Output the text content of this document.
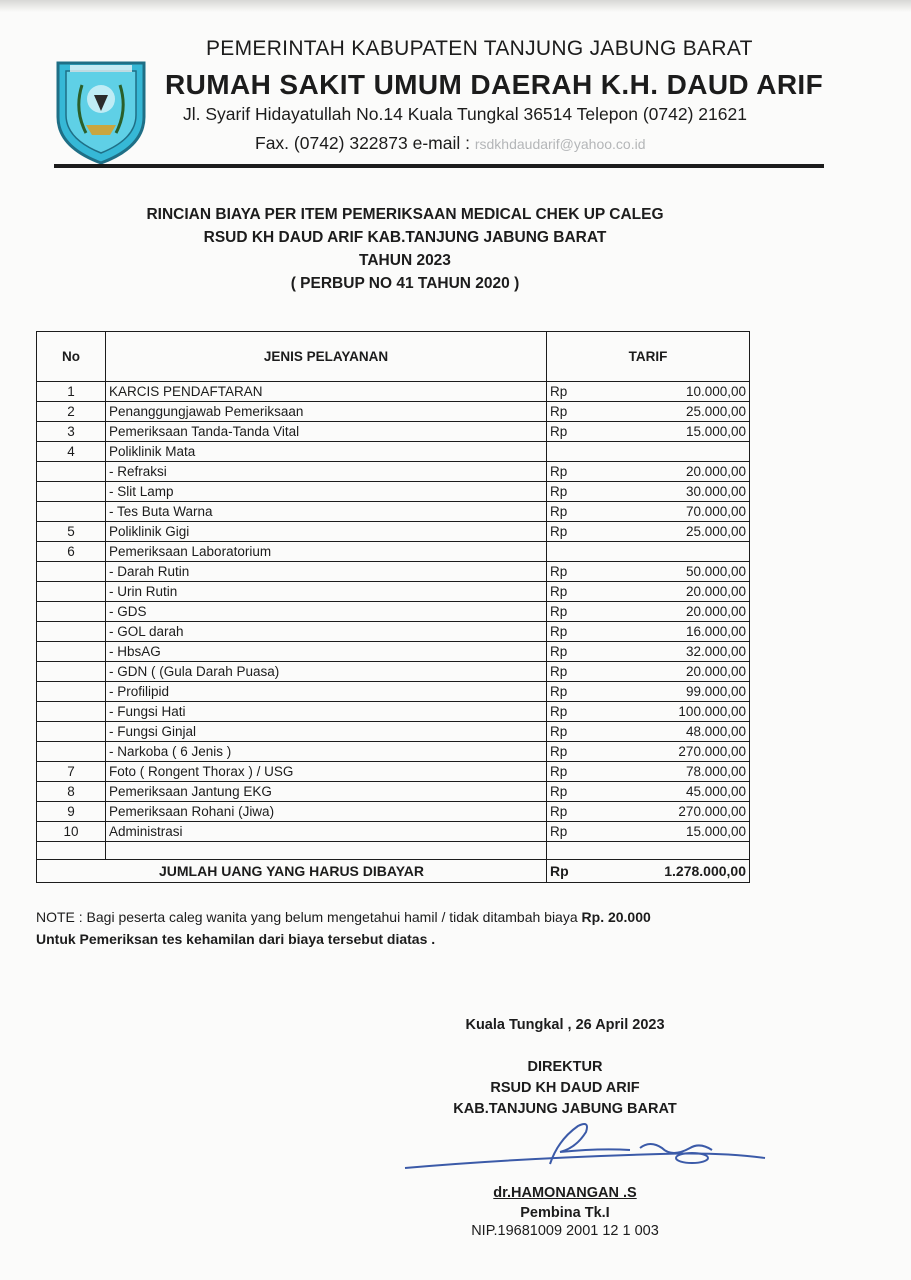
PEMERINTAH KABUPATEN TANJUNG JABUNG BARAT
RUMAH SAKIT UMUM DAERAH K.H. DAUD ARIF
Jl. Syarif Hidayatullah No.14 Kuala Tungkal 36514 Telepon (0742) 21621
Fax. (0742) 322873 e-mail : rsdkhdaudarif@yahoo.co.id
RINCIAN BIAYA PER ITEM PEMERIKSAAN MEDICAL CHEK UP CALEG
RSUD KH DAUD ARIF KAB.TANJUNG JABUNG BARAT
TAHUN 2023
( PERBUP NO 41 TAHUN 2020 )
No	JENIS PELAYANAN	TARIF	
1	KARCIS PENDAFTARAN	Rp	10.000,00
2	Penanggungjawab Pemeriksaan	Rp	25.000,00
3	Pemeriksaan Tanda-Tanda Vital	Rp	15.000,00
4	Poliklinik Mata		
	- Refraksi	Rp	20.000,00
	- Slit Lamp	Rp	30.000,00
	- Tes Buta Warna	Rp	70.000,00
5	Poliklinik Gigi	Rp	25.000,00
6	Pemeriksaan Laboratorium		
	- Darah Rutin	Rp	50.000,00
	- Urin Rutin	Rp	20.000,00
	- GDS	Rp	20.000,00
	- GOL darah	Rp	16.000,00
	- HbsAG	Rp	32.000,00
	- GDN ( (Gula Darah Puasa)	Rp	20.000,00
	- Profilipid	Rp	99.000,00
	- Fungsi Hati	Rp	100.000,00
	- Fungsi Ginjal	Rp	48.000,00
	- Narkoba ( 6 Jenis )	Rp	270.000,00
7	Foto ( Rongent Thorax ) / USG	Rp	78.000,00
8	Pemeriksaan Jantung EKG	Rp	45.000,00
9	Pemeriksaan Rohani (Jiwa)	Rp	270.000,00
10	Administrasi	Rp	15.000,00

JUMLAH UANG YANG HARUS DIBAYAR		Rp	1.278.000,00
NOTE : Bagi peserta caleg wanita yang belum mengetahui hamil / tidak ditambah biaya Rp. 20.000
Untuk Pemeriksan tes kehamilan dari biaya tersebut diatas .
Kuala Tungkal , 26 April 2023
DIREKTUR
RSUD KH DAUD ARIF
KAB.TANJUNG JABUNG BARAT
dr.HAMONANGAN .S
Pembina Tk.I
NIP.19681009 2001 12 1 003
